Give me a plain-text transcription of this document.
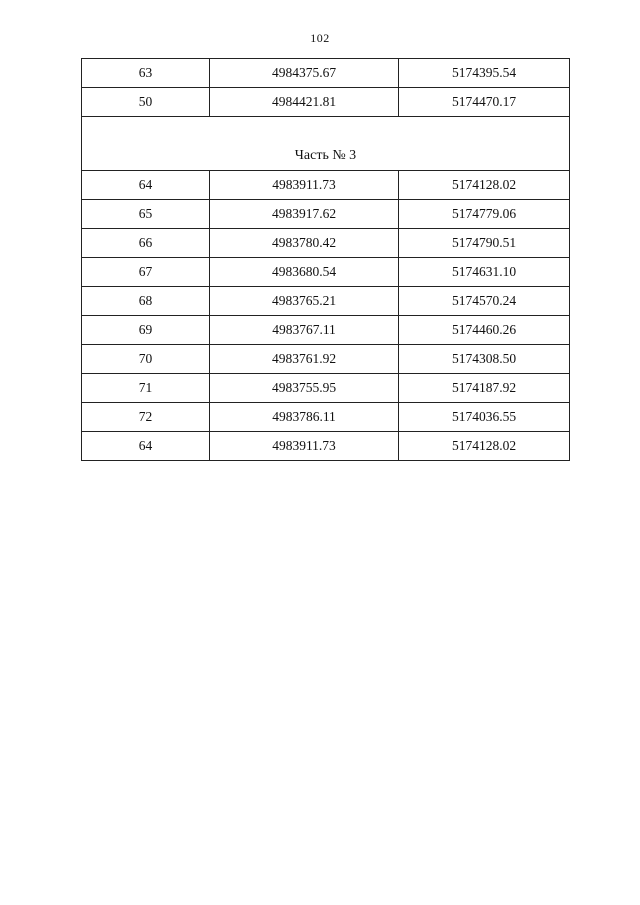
102
63	4984375.67	5174395.54
50	4984421.81	5174470.17
Часть № 3		
64	4983911.73	5174128.02
65	4983917.62	5174779.06
66	4983780.42	5174790.51
67	4983680.54	5174631.10
68	4983765.21	5174570.24
69	4983767.11	5174460.26
70	4983761.92	5174308.50
71	4983755.95	5174187.92
72	4983786.11	5174036.55
64	4983911.73	5174128.02
